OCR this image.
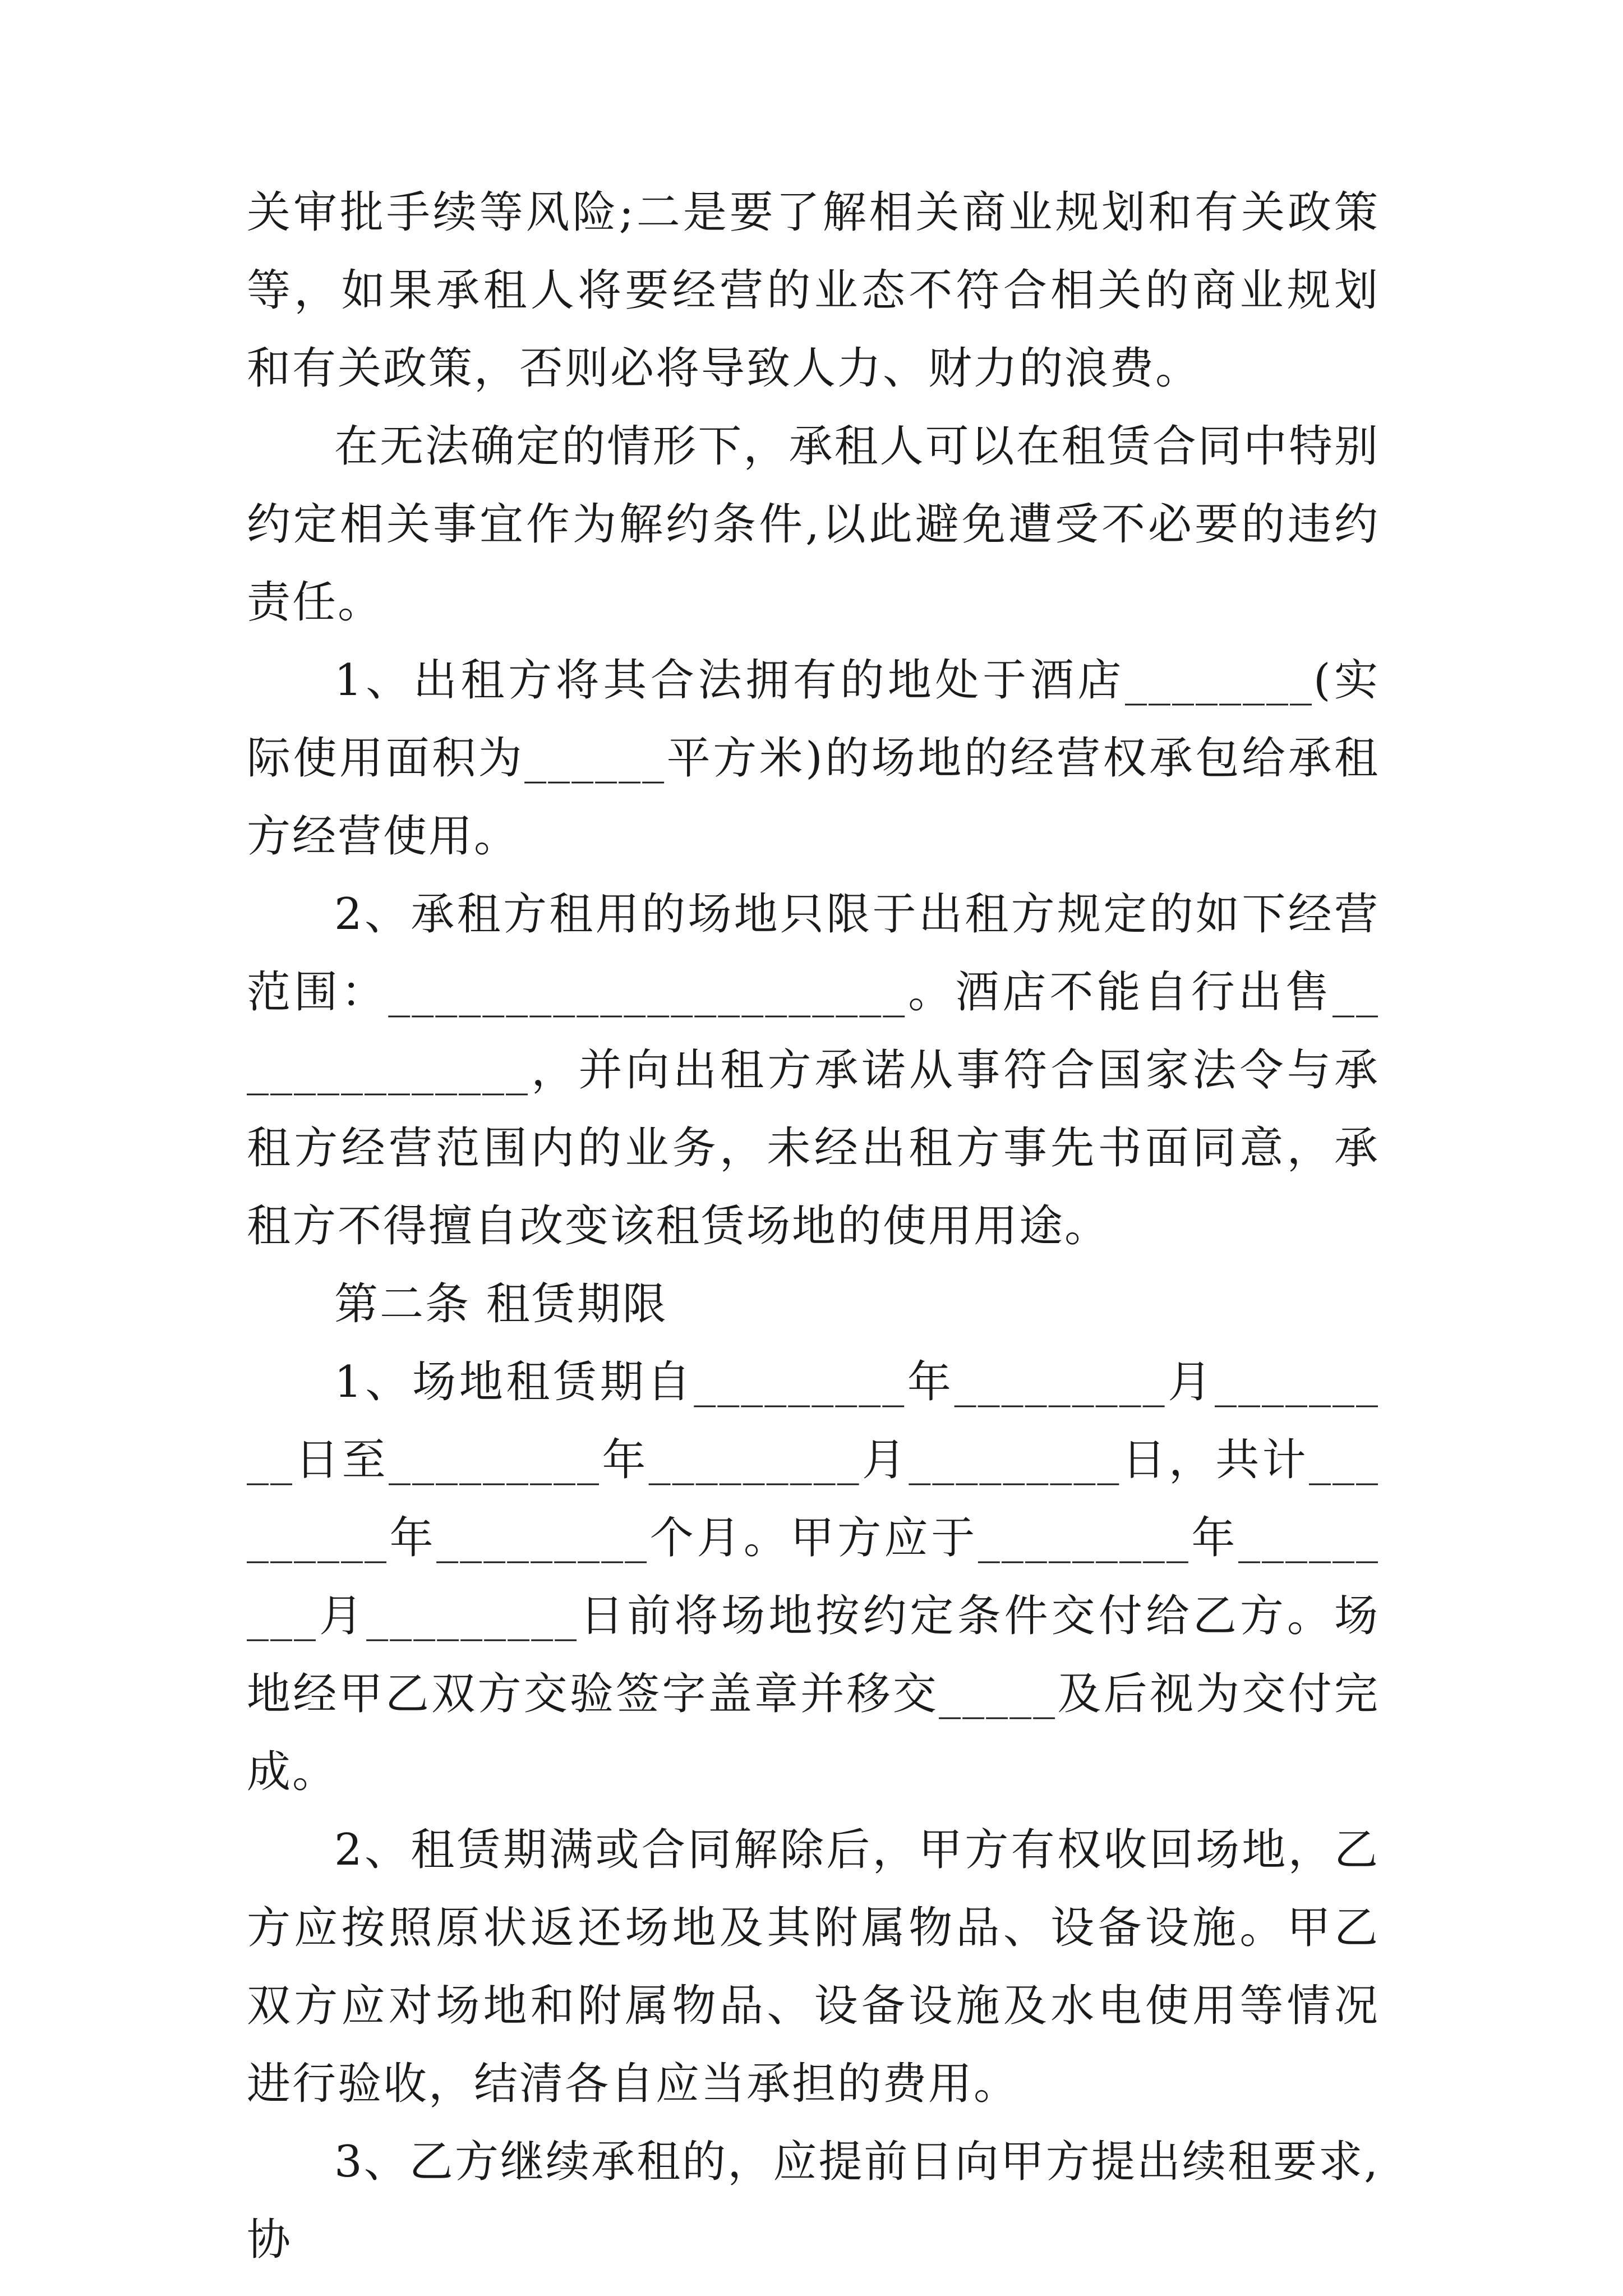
关审批手续等风险;二是要了解相关商业规划和有关政策等，如果承租人将要经营的业态不符合相关的商业规划和有关政策，否则必将导致人力、财力的浪费。

在无法确定的情形下，承租人可以在租赁合同中特别约定相关事宜作为解约条件,以此避免遭受不必要的违约责任。

1、出租方将其合法拥有的地处于酒店________(实际使用面积为______平方米)的场地的经营权承包给承租方经营使用。

2、承租方租用的场地只限于出租方规定的如下经营范围：______________________。酒店不能自行出售______________，并向出租方承诺从事符合国家法令与承租方经营范围内的业务，未经出租方事先书面同意，承租方不得擅自改变该租赁场地的使用用途。

第二条 租赁期限

1、场地租赁期自_________年_________月_________日至_________年_________月_________日，共计_________年_________个月。甲方应于_________年_________月_________日前将场地按约定条件交付给乙方。场地经甲乙双方交验签字盖章并移交_____及后视为交付完成。

2、租赁期满或合同解除后，甲方有权收回场地，乙方应按照原状返还场地及其附属物品、设备设施。甲乙双方应对场地和附属物品、设备设施及水电使用等情况进行验收，结清各自应当承担的费用。

3、乙方继续承租的，应提前日向甲方提出续租要求,协
